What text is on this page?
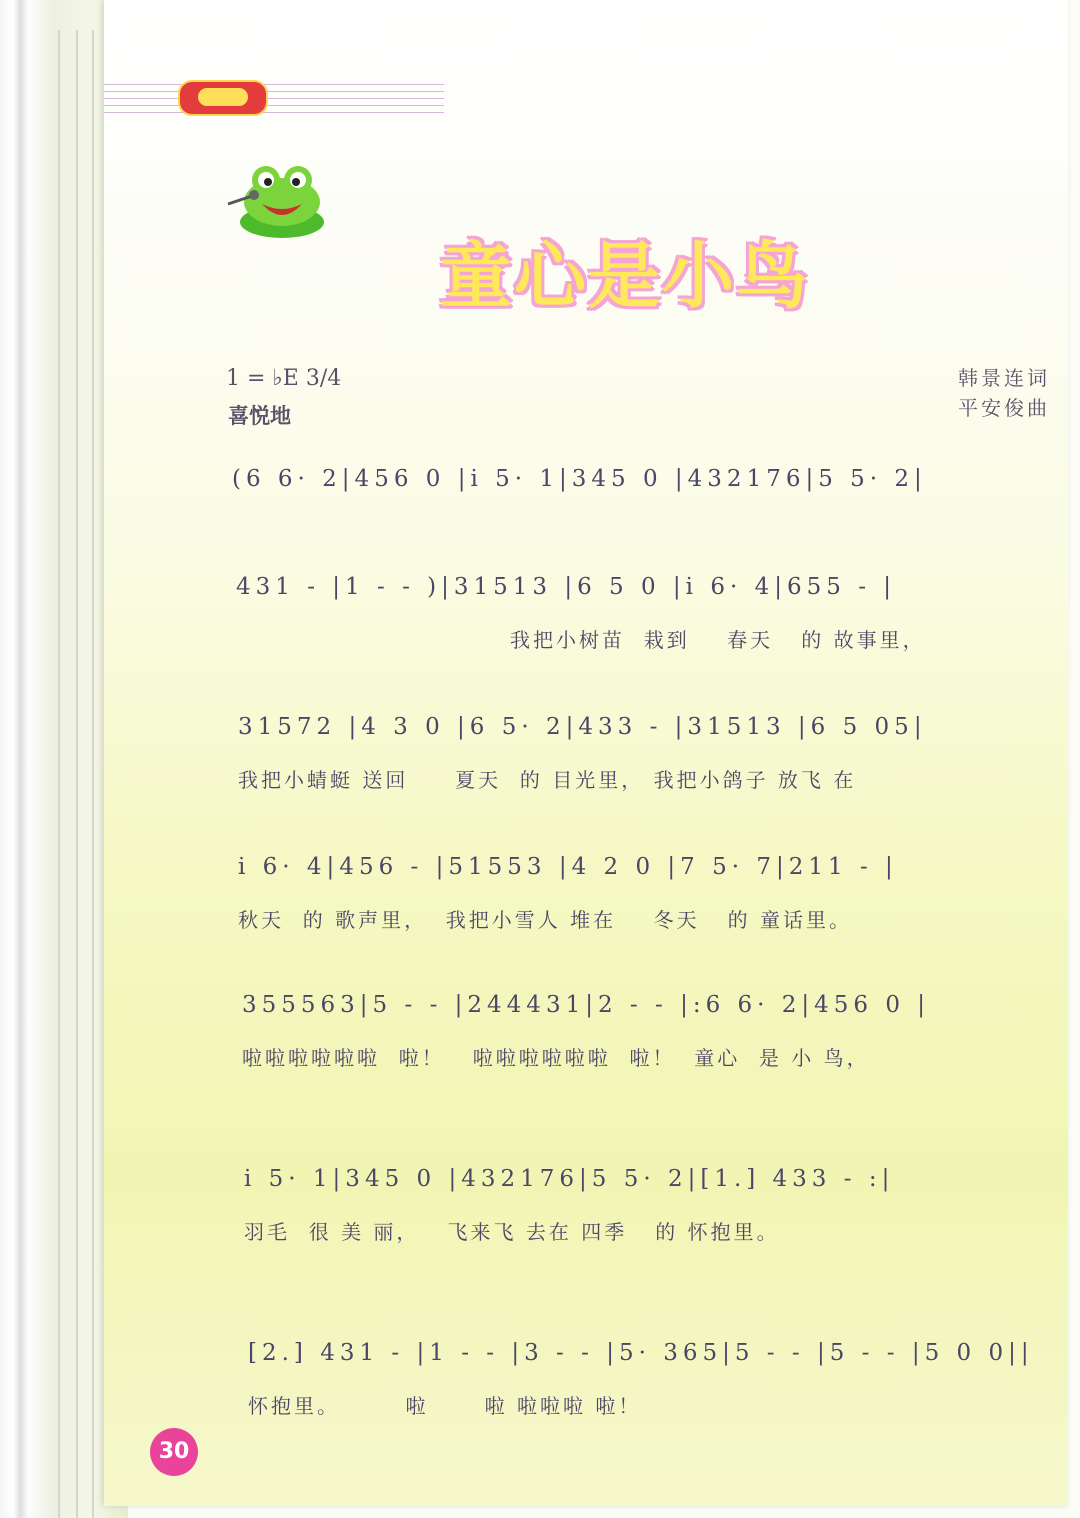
童心是小鸟
1 = ♭E 3/4
喜悦地
韩景连词
平安俊曲
(6 6· 2|456 0 |i 5· 1|345 0 |432176|5 5· 2|
431 - |1 - - )|31513 |6 5 0 |i 6· 4|655 - |
我把小树苗  栽到    春天   的 故事里，
31572 |4 3 0 |6 5· 2|433 - |31513 |6 5 05|
我把小蜻蜓 送回     夏天  的 目光里， 我把小鸽子 放飞 在
i 6· 4|456 - |51553 |4 2 0 |7 5· 7|211 - |
秋天  的 歌声里，  我把小雪人 堆在    冬天   的 童话里。
355563|5 - - |244431|2 - - |:6 6· 2|456 0 |
啦啦啦啦啦啦  啦！   啦啦啦啦啦啦  啦！  童心  是 小 鸟，
i 5· 1|345 0 |432176|5 5· 2|[1.] 433 - :|
羽毛  很 美 丽，   飞来飞 去在 四季   的 怀抱里。
[2.] 431 - |1 - - |3 - - |5· 365|5 - - |5 - - |5 0 0||
怀抱里。       啦      啦 啦啦啦 啦！
30
